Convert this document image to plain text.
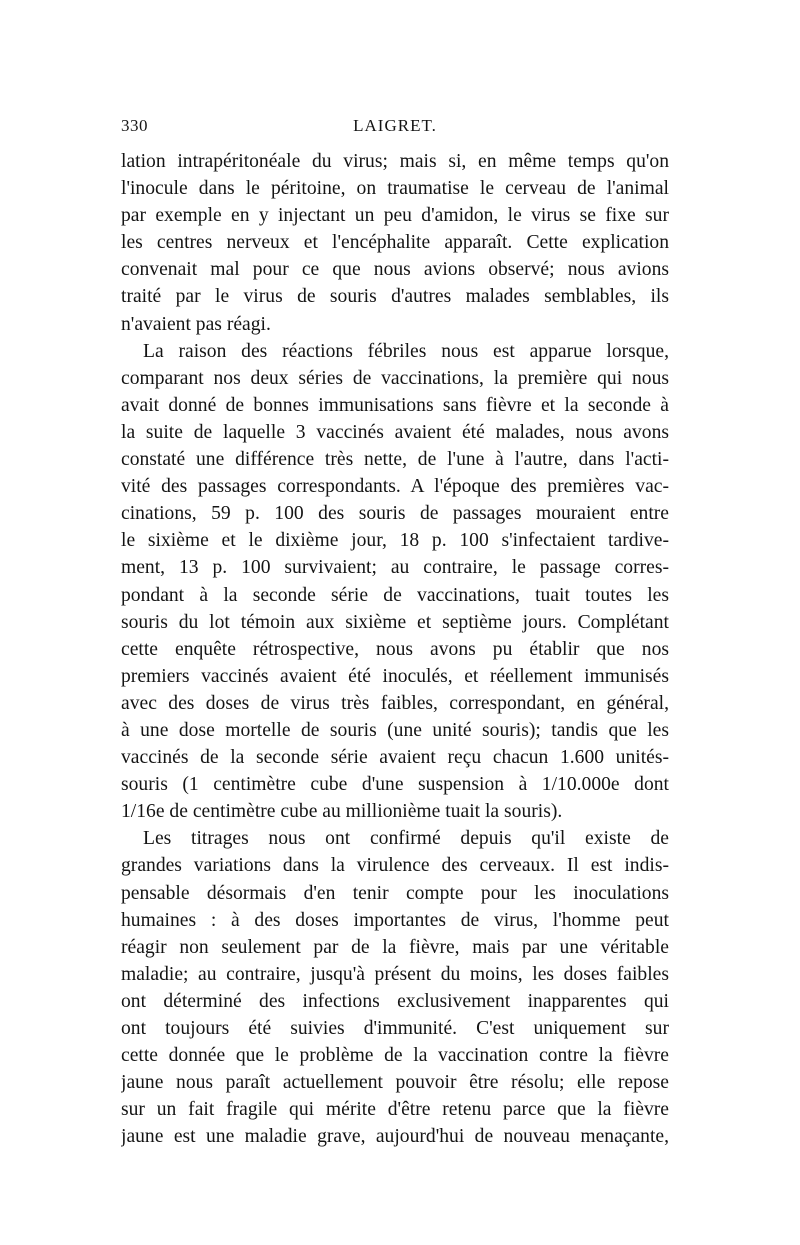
330	LAIGRET.
lation intrapéritonéale du virus; mais si, en même temps qu'on
l'inocule dans le péritoine, on traumatise le cerveau de l'animal
par exemple en y injectant un peu d'amidon, le virus se fixe sur
les centres nerveux et l'encéphalite apparaît. Cette explication
convenait mal pour ce que nous avions observé; nous avions
traité par le virus de souris d'autres malades semblables, ils
n'avaient pas réagi.
La raison des réactions fébriles nous est apparue lorsque,
comparant nos deux séries de vaccinations, la première qui nous
avait donné de bonnes immunisations sans fièvre et la seconde à
la suite de laquelle 3 vaccinés avaient été malades, nous avons
constaté une différence très nette, de l'une à l'autre, dans l'acti-
vité des passages correspondants. A l'époque des premières vac-
cinations, 59 p. 100 des souris de passages mouraient entre
le sixième et le dixième jour, 18 p. 100 s'infectaient tardive-
ment, 13 p. 100 survivaient; au contraire, le passage corres-
pondant à la seconde série de vaccinations, tuait toutes les
souris du lot témoin aux sixième et septième jours. Complétant
cette enquête rétrospective, nous avons pu établir que nos
premiers vaccinés avaient été inoculés, et réellement immunisés
avec des doses de virus très faibles, correspondant, en général,
à une dose mortelle de souris (une unité souris); tandis que les
vaccinés de la seconde série avaient reçu chacun 1.600 unités-
souris (1 centimètre cube d'une suspension à 1/10.000e dont
1/16e de centimètre cube au millionième tuait la souris).
Les titrages nous ont confirmé depuis qu'il existe de
grandes variations dans la virulence des cerveaux. Il est indis-
pensable désormais d'en tenir compte pour les inoculations
humaines : à des doses importantes de virus, l'homme peut
réagir non seulement par de la fièvre, mais par une véritable
maladie; au contraire, jusqu'à présent du moins, les doses faibles
ont déterminé des infections exclusivement inapparentes qui
ont toujours été suivies d'immunité. C'est uniquement sur
cette donnée que le problème de la vaccination contre la fièvre
jaune nous paraît actuellement pouvoir être résolu; elle repose
sur un fait fragile qui mérite d'être retenu parce que la fièvre
jaune est une maladie grave, aujourd'hui de nouveau menaçante,
